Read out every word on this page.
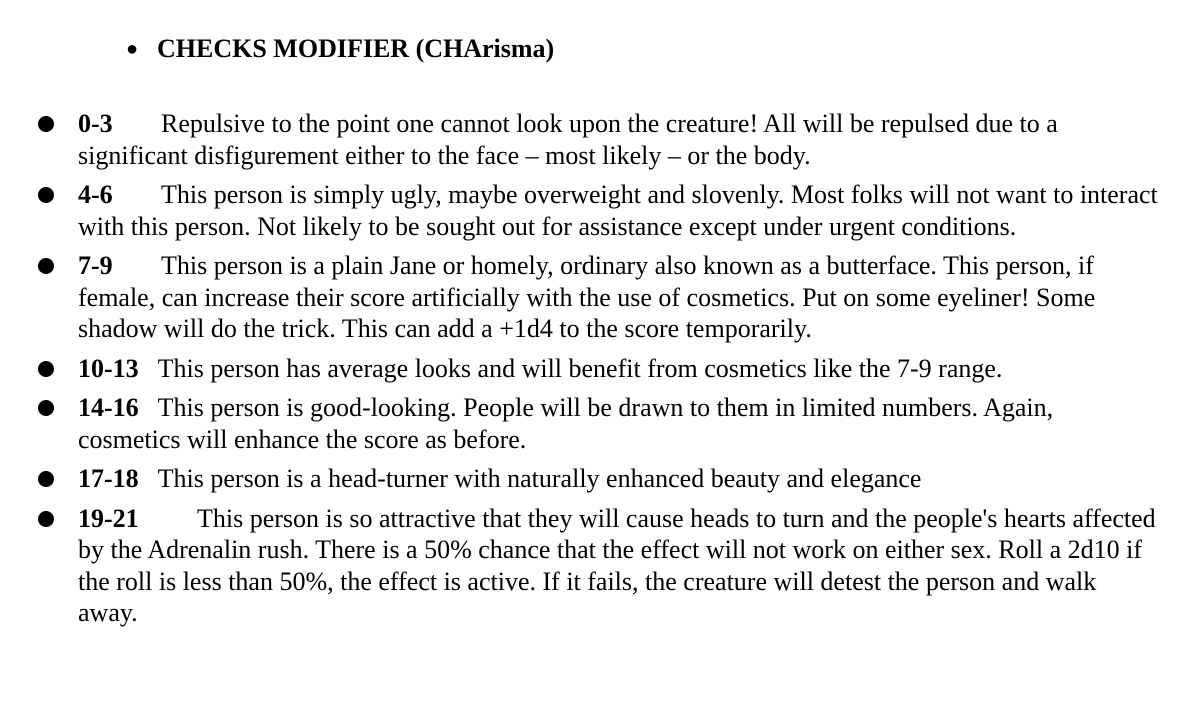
● CHECKS MODIFIER (CHArisma)
0-3 Repulsive to the point one cannot look upon the creature! All will be repulsed due to a significant disfigurement either to the face – most likely – or the body.
4-6 This person is simply ugly, maybe overweight and slovenly. Most folks will not want to interact with this person. Not likely to be sought out for assistance except under urgent conditions.
7-9 This person is a plain Jane or homely, ordinary also known as a butterface. This person, if female, can increase their score artificially with the use of cosmetics. Put on some eyeliner! Some shadow will do the trick. This can add a +1d4 to the score temporarily.
10-13 This person has average looks and will benefit from cosmetics like the 7-9 range.
14-16 This person is good-looking. People will be drawn to them in limited numbers. Again, cosmetics will enhance the score as before.
17-18 This person is a head-turner with naturally enhanced beauty and elegance
19-21 This person is so attractive that they will cause heads to turn and the people's hearts affected by the Adrenalin rush. There is a 50% chance that the effect will not work on either sex. Roll a 2d10 if the roll is less than 50%, the effect is active. If it fails, the creature will detest the person and walk away.
